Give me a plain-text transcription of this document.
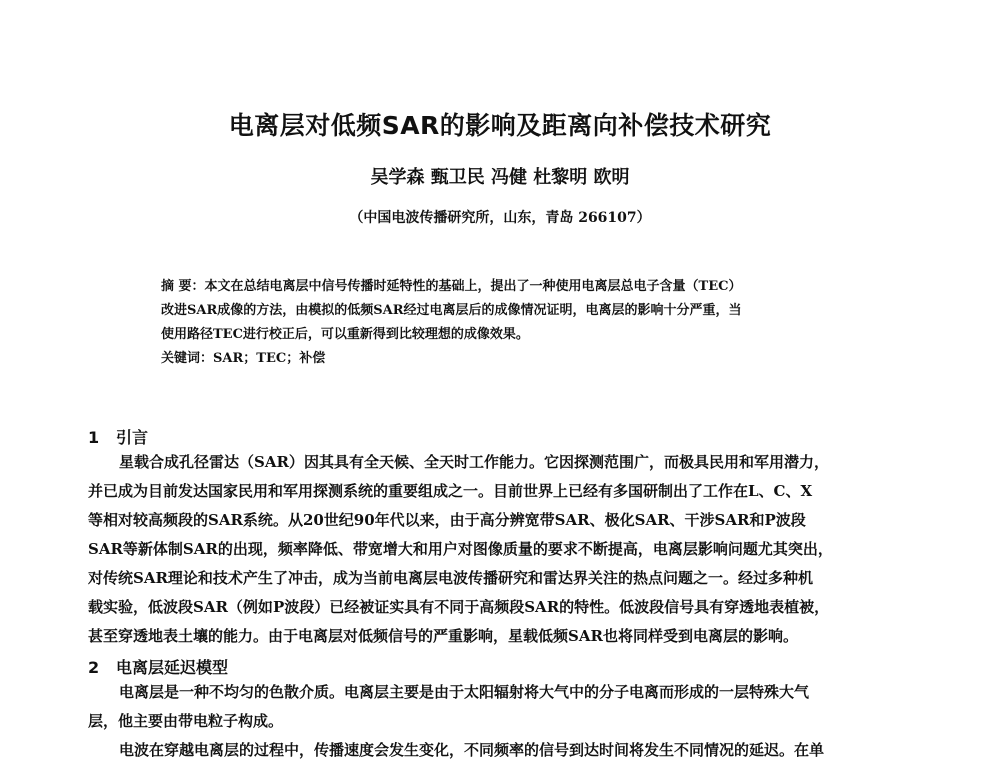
电离层对低频SAR的影响及距离向补偿技术研究
吴学森 甄卫民 冯健 杜黎明 欧明
（中国电波传播研究所，山东，青岛 266107）
摘 要：本文在总结电离层中信号传播时延特性的基础上，提出了一种使用电离层总电子含量（TEC）
改进SAR成像的方法，由模拟的低频SAR经过电离层后的成像情况证明，电离层的影响十分严重，当
使用路径TEC进行校正后，可以重新得到比较理想的成像效果。
关键词：SAR；TEC；补偿
1 引言
星载合成孔径雷达（SAR）因其具有全天候、全天时工作能力。它因探测范围广，而极具民用和军用潜力，
并已成为目前发达国家民用和军用探测系统的重要组成之一。目前世界上已经有多国研制出了工作在L、C、X
等相对较高频段的SAR系统。从20世纪90年代以来，由于高分辨宽带SAR、极化SAR、干涉SAR和P波段
SAR等新体制SAR的出现，频率降低、带宽增大和用户对图像质量的要求不断提高，电离层影响问题尤其突出，
对传统SAR理论和技术产生了冲击，成为当前电离层电波传播研究和雷达界关注的热点问题之一。经过多种机
载实验，低波段SAR（例如P波段）已经被证实具有不同于高频段SAR的特性。低波段信号具有穿透地表植被，
甚至穿透地表土壤的能力。由于电离层对低频信号的严重影响，星载低频SAR也将同样受到电离层的影响。
2 电离层延迟模型
电离层是一种不均匀的色散介质。电离层主要是由于太阳辐射将大气中的分子电离而形成的一层特殊大气
层，他主要由带电粒子构成。
电波在穿越电离层的过程中，传播速度会发生变化，不同频率的信号到达时间将发生不同情况的延迟。在单
